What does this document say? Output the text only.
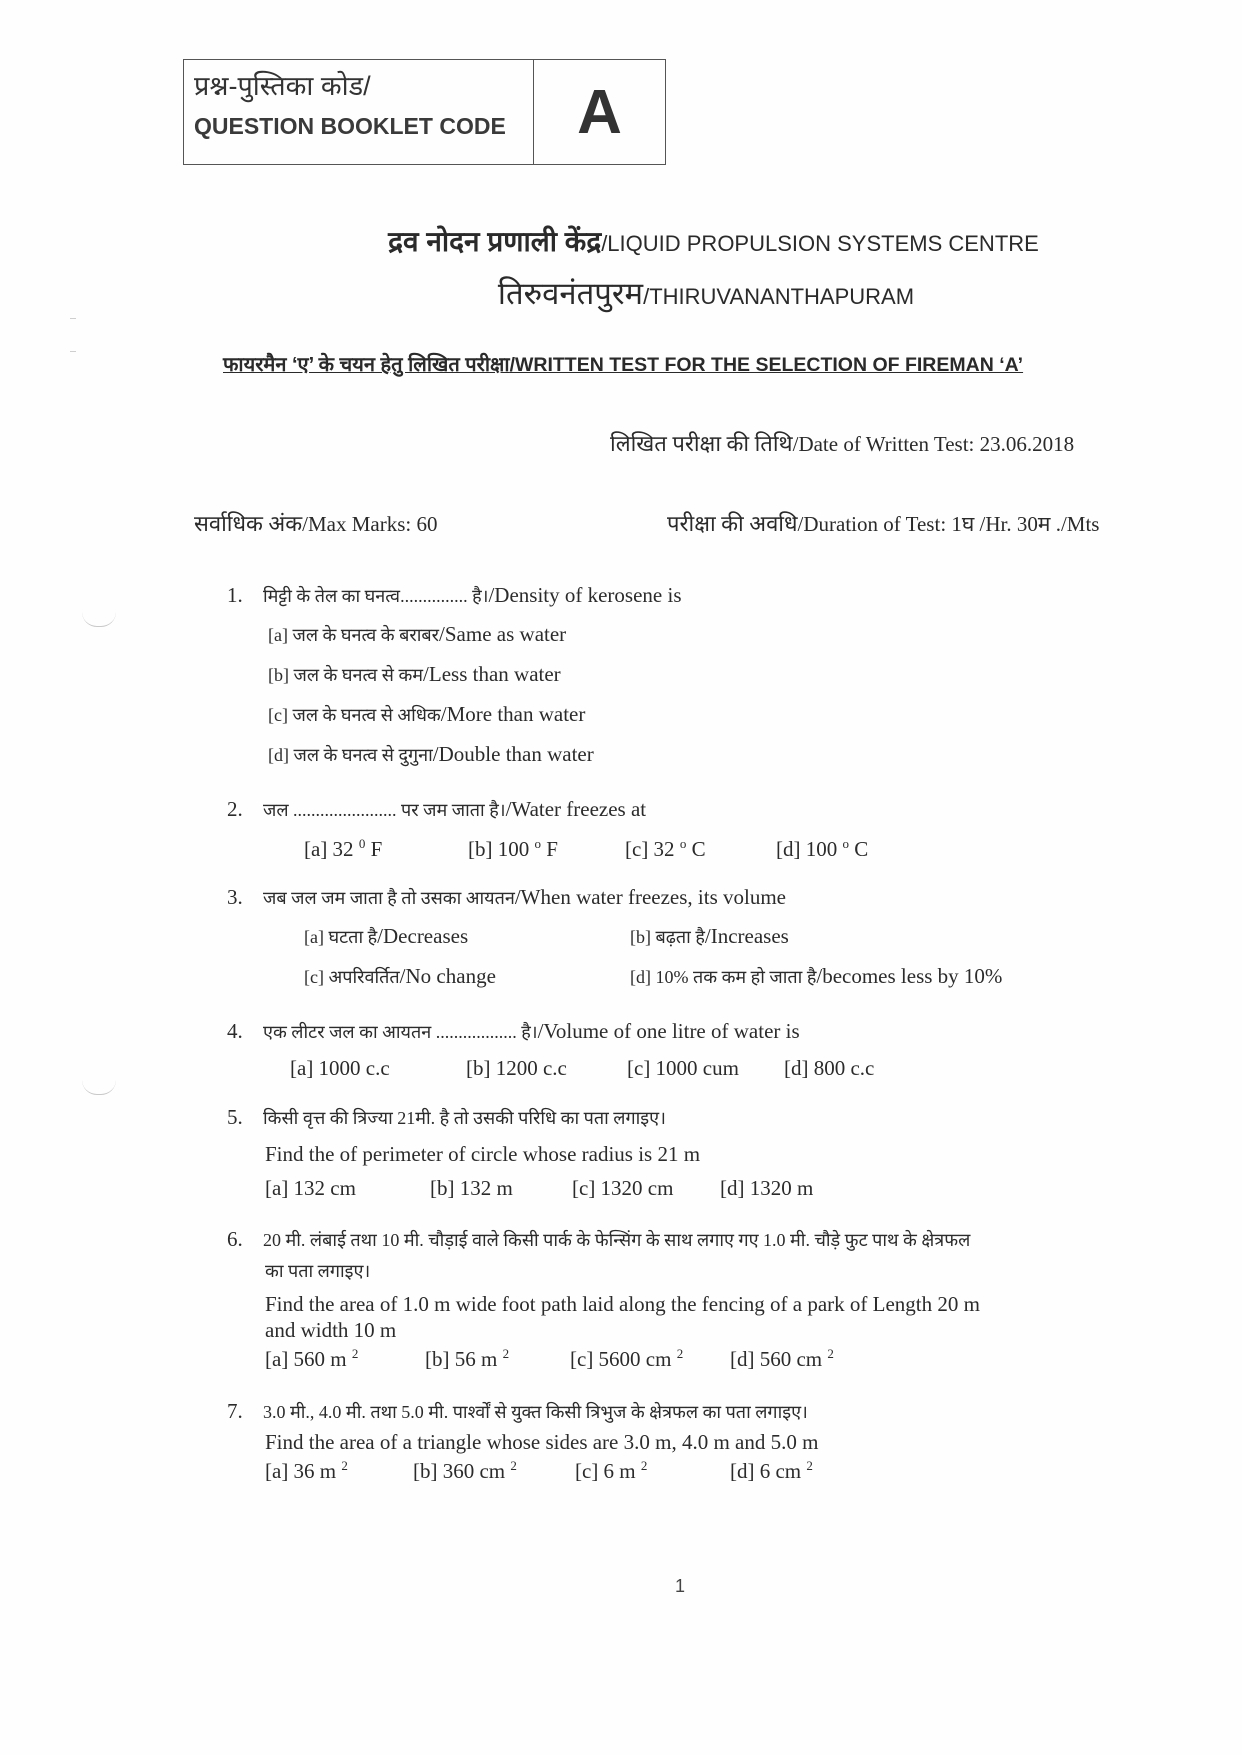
प्रश्न-पुस्तिका कोड/
QUESTION BOOKLET CODE	A
द्रव नोदन प्रणाली केंद्र/LIQUID PROPULSION SYSTEMS CENTRE
तिरुवनंतपुरम/THIRUVANANTHAPURAM
फायरमैन ‘ए’ के चयन हेतु लिखित परीक्षा/WRITTEN TEST FOR THE SELECTION OF FIREMAN ‘A’
लिखित परीक्षा की तिथि/Date of Written Test: 23.06.2018
सर्वाधिक अंक/Max Marks: 60	परीक्षा की अवधि/Duration of Test: 1घ /Hr. 30म ./Mts
1. मिट्टी के तेल का घनत्व............... है।/Density of kerosene is
[a] जल के घनत्व के बराबर/Same as water
[b] जल के घनत्व से कम/Less than water
[c] जल के घनत्व से अधिक/More than water
[d] जल के घनत्व से दुगुना/Double than water
2. जल ....................... पर जम जाता है।/Water freezes at
[a] 32 $^0$ F	[b] 100 $^o$ F	[c] 32 $^o$ C	[d] 100 $^o$ C
3. जब जल जम जाता है तो उसका आयतन/When water freezes, its volume
[a] घटता है/Decreases	[b] बढ़ता है/Increases
[c] अपरिवर्तित/No change	[d] 10% तक कम हो जाता है/becomes less by 10%
4. एक लीटर जल का आयतन .................. है।/Volume of one litre of water is
[a] 1000 c.c	[b] 1200 c.c	[c] 1000 cum [d] 800 c.c
5. किसी वृत्त की त्रिज्या 21मी. है तो उसकी परिधि का पता लगाइए।
Find the of perimeter of circle whose radius is 21 m
[a] 132 cm	[b] 132 m	[c] 1320 cm [d] 1320 m
6. 20 मी. लंबाई तथा 10 मी. चौड़ाई वाले किसी पार्क के फेन्सिंग के साथ लगाए गए 1.0 मी. चौड़े फुट पाथ के क्षेत्रफल
का पता लगाइए।
Find the area of 1.0 m wide foot path laid along the fencing of a park of Length 20 m
and width 10 m
[a] 560 m $^2$	[b] 56 m $^2$	[c] 5600 cm $^2$ [d] 560 cm $^2$
7. 3.0 मी., 4.0 मी. तथा 5.0 मी. पार्श्वों से युक्त किसी त्रिभुज के क्षेत्रफल का पता लगाइए।
Find the area of a triangle whose sides are 3.0 m, 4.0 m and 5.0 m
[a] 36 m $^2$	[b] 360 cm $^2$	[c] 6 m $^2$	[d] 6 cm $^2$
1
